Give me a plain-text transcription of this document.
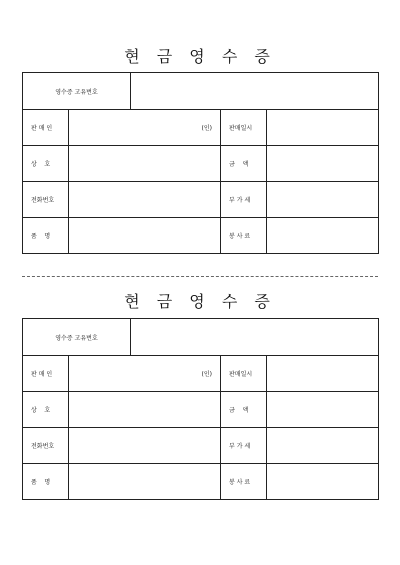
현 금 영 수 증
영수증 고유번호				
판 매 인	(인)		판매일시	
상    호			금    액	
전화번호			부 가 세	
품    명			봉 사 료	
현 금 영 수 증
영수증 고유번호				
판 매 인	(인)		판매일시	
상    호			금    액	
전화번호			부 가 세	
품    명			봉 사 료	
